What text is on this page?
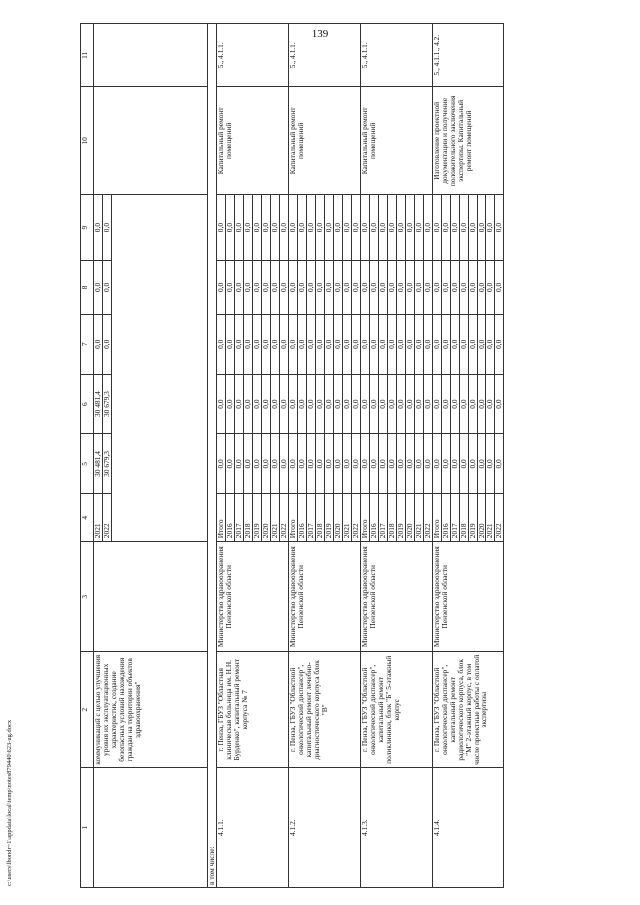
139
1	2	3	4	5	6	7	8	9	10	11
	коммуникаций с целью улучшения уровня их эксплуатационных характеристик, создание безопасных условий нахождения граждан на территории объектов здравоохранения"		2021	30 481,4	30 481,4	0,0	0,0	0,0		
			2022	30 679,3	30 679,3	0,0	0,0	0,0		

в том числе:										
4.1.1.	г. Пенза, ГБУЗ "Областная клиническая больница им. Н.Н. Бурденко", капитальный ремонт корпуса № 7	Министерство здравоохранения Пензенской области	Итого	0,0	0,0	0,0	0,0	0,0	Капитальный ремонт помещений	5., 4.1.1.
			2016	0,0	0,0	0,0	0,0	0,0		
			2017	0,0	0,0	0,0	0,0	0,0		
			2018	0,0	0,0	0,0	0,0	0,0		
			2019	0,0	0,0	0,0	0,0	0,0		
			2020	0,0	0,0	0,0	0,0	0,0		
			2021	0,0	0,0	0,0	0,0	0,0		
			2022	0,0	0,0	0,0	0,0	0,0		
4.1.2.	г. Пенза, ГБУЗ "Областной онкологический диспансер", капитальный ремонт лечебно-диагностического корпуса блок "В"	Министерство здравоохранения Пензенской области	Итого	0,0	0,0	0,0	0,0	0,0	Капитальный ремонт помещений	5., 4.1.1.
			2016	0,0	0,0	0,0	0,0	0,0		
			2017	0,0	0,0	0,0	0,0	0,0		
			2018	0,0	0,0	0,0	0,0	0,0		
			2019	0,0	0,0	0,0	0,0	0,0		
			2020	0,0	0,0	0,0	0,0	0,0		
			2021	0,0	0,0	0,0	0,0	0,0		
			2022	0,0	0,0	0,0	0,0	0,0		
4.1.3.	г. Пенза, ГБУЗ "Областной онкологический диспансер", капитальный ремонт поликлиники, блок "Б" 5-этажный корпус	Министерство здравоохранения Пензенской области	Итого	0,0	0,0	0,0	0,0	0,0	Капитальный ремонт помещений	5., 4.1.1.
			2016	0,0	0,0	0,0	0,0	0,0		
			2017	0,0	0,0	0,0	0,0	0,0		
			2018	0,0	0,0	0,0	0,0	0,0		
			2019	0,0	0,0	0,0	0,0	0,0		
			2020	0,0	0,0	0,0	0,0	0,0		
			2021	0,0	0,0	0,0	0,0	0,0		
			2022	0,0	0,0	0,0	0,0	0,0		
4.1.4.	г. Пенза, ГБУЗ "Областной онкологический диспансер", капитальный ремонт радиологического корпуса, блок "М" 2-этажный корпус, в том числе проектные работы с оплатой экспертизы	Министерство здравоохранения Пензенской области	Итого	0,0	0,0	0,0	0,0	0,0	Изготовление проектной документации и получение положительного заключения экспертизы. Капитальный ремонт помещений	5., 4.1.1., 4.2.
			2016	0,0	0,0	0,0	0,0	0,0		
			2017	0,0	0,0	0,0	0,0	0,0		
			2018	0,0	0,0	0,0	0,0	0,0		
			2019	0,0	0,0	0,0	0,0	0,0		
			2020	0,0	0,0	0,0	0,0	0,0		
			2021	0,0	0,0	0,0	0,0	0,0		
			2022	0,0	0,0	0,0	0,0	0,0		
c:\users\lbondr~1\appdata\local\temp\notes879440\623-ug.docx
